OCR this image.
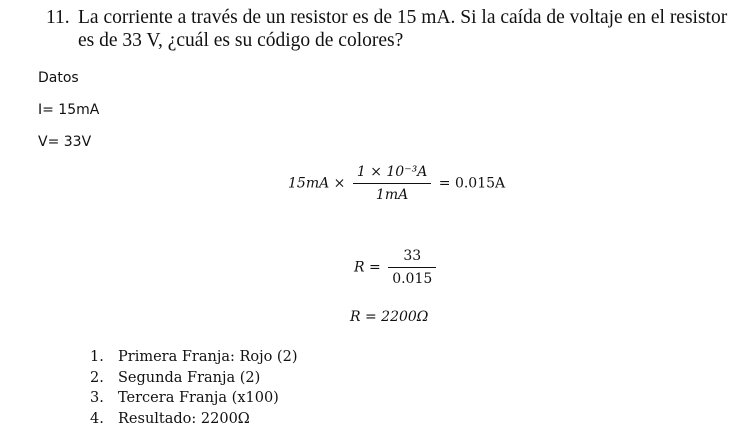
11. La corriente a través de un resistor es de 15 mA. Si la caída de voltaje en el resistor es de 33 V, ¿cuál es su código de colores?
Datos
I= 15mA
V= 33V
$15mA \times \frac{\text{1 × 10⁻³A}}{1mA} = 0.015A$
$R = \frac{33}{0.015}$
R = 2200Ω
1. Primera Franja: Rojo (2)
2. Segunda Franja (2)
3. Tercera Franja (x100)
4. Resultado: 2200Ω
